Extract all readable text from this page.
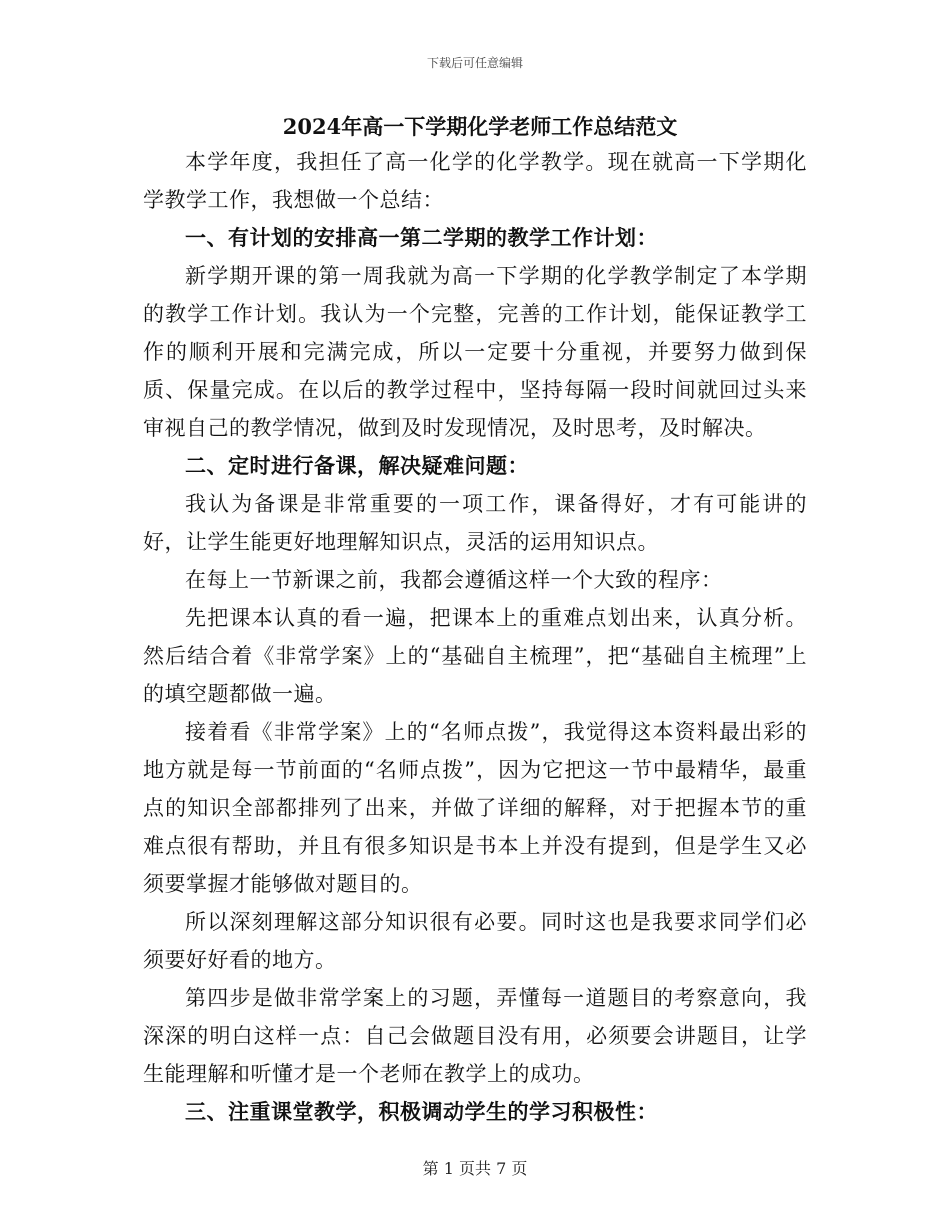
下载后可任意编辑
2024年高一下学期化学老师工作总结范文

本学年度，我担任了高一化学的化学教学。现在就高一下学期化学教学工作，我想做一个总结：

一、有计划的安排高一第二学期的教学工作计划：

新学期开课的第一周我就为高一下学期的化学教学制定了本学期的教学工作计划。我认为一个完整，完善的工作计划，能保证教学工作的顺利开展和完满完成，所以一定要十分重视，并要努力做到保质、保量完成。在以后的教学过程中，坚持每隔一段时间就回过头来审视自己的教学情况，做到及时发现情况，及时思考，及时解决。

二、定时进行备课，解决疑难问题：

我认为备课是非常重要的一项工作，课备得好，才有可能讲的好，让学生能更好地理解知识点，灵活的运用知识点。

在每上一节新课之前，我都会遵循这样一个大致的程序：

先把课本认真的看一遍，把课本上的重难点划出来，认真分析。然后结合着《非常学案》上的“基础自主梳理”，把“基础自主梳理”上的填空题都做一遍。

接着看《非常学案》上的“名师点拨”，我觉得这本资料最出彩的地方就是每一节前面的“名师点拨”，因为它把这一节中最精华，最重点的知识全部都排列了出来，并做了详细的解释，对于把握本节的重难点很有帮助，并且有很多知识是书本上并没有提到，但是学生又必须要掌握才能够做对题目的。

所以深刻理解这部分知识很有必要。同时这也是我要求同学们必须要好好看的地方。

第四步是做非常学案上的习题，弄懂每一道题目的考察意向，我深深的明白这样一点：自己会做题目没有用，必须要会讲题目，让学生能理解和听懂才是一个老师在教学上的成功。

三、注重课堂教学，积极调动学生的学习积极性：

第 1 页共 7 页
